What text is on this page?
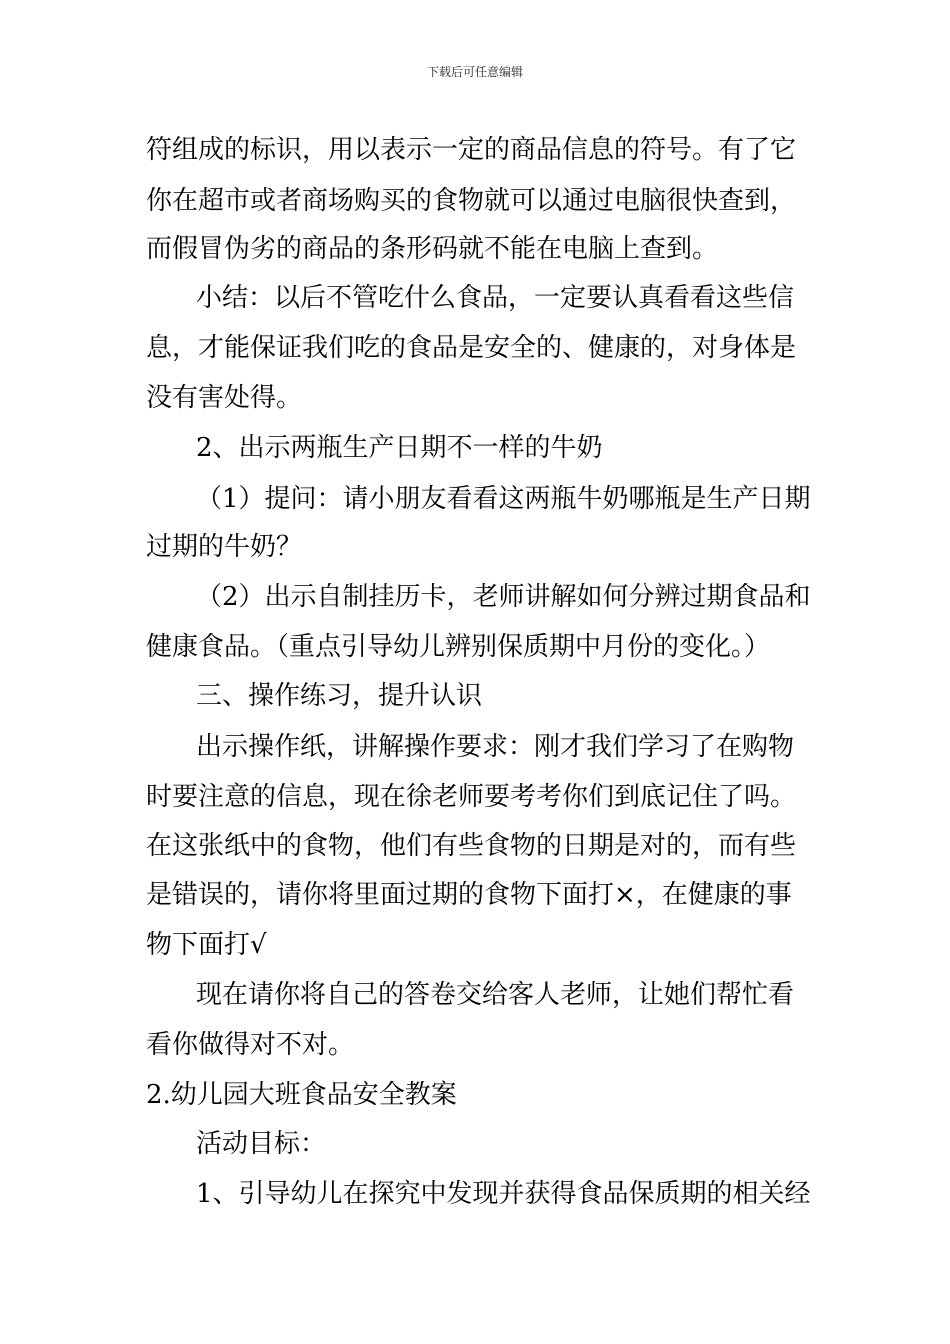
下载后可任意编辑
符组成的标识，用以表示一定的商品信息的符号。有了它
你在超市或者商场购买的食物就可以通过电脑很快查到，
而假冒伪劣的商品的条形码就不能在电脑上查到。
小结：以后不管吃什么食品，一定要认真看看这些信
息，才能保证我们吃的食品是安全的、健康的，对身体是
没有害处得。
2、出示两瓶生产日期不一样的牛奶
（1）提问：请小朋友看看这两瓶牛奶哪瓶是生产日期
过期的牛奶？
（2）出示自制挂历卡，老师讲解如何分辨过期食品和
健康食品。（重点引导幼儿辨别保质期中月份的变化。）
三、操作练习，提升认识
出示操作纸，讲解操作要求：刚才我们学习了在购物
时要注意的信息，现在徐老师要考考你们到底记住了吗。
在这张纸中的食物，他们有些食物的日期是对的，而有些
是错误的，请你将里面过期的食物下面打×，在健康的事
物下面打√
现在请你将自己的答卷交给客人老师，让她们帮忙看
看你做得对不对。
2.幼儿园大班食品安全教案
活动目标：
1、引导幼儿在探究中发现并获得食品保质期的相关经
